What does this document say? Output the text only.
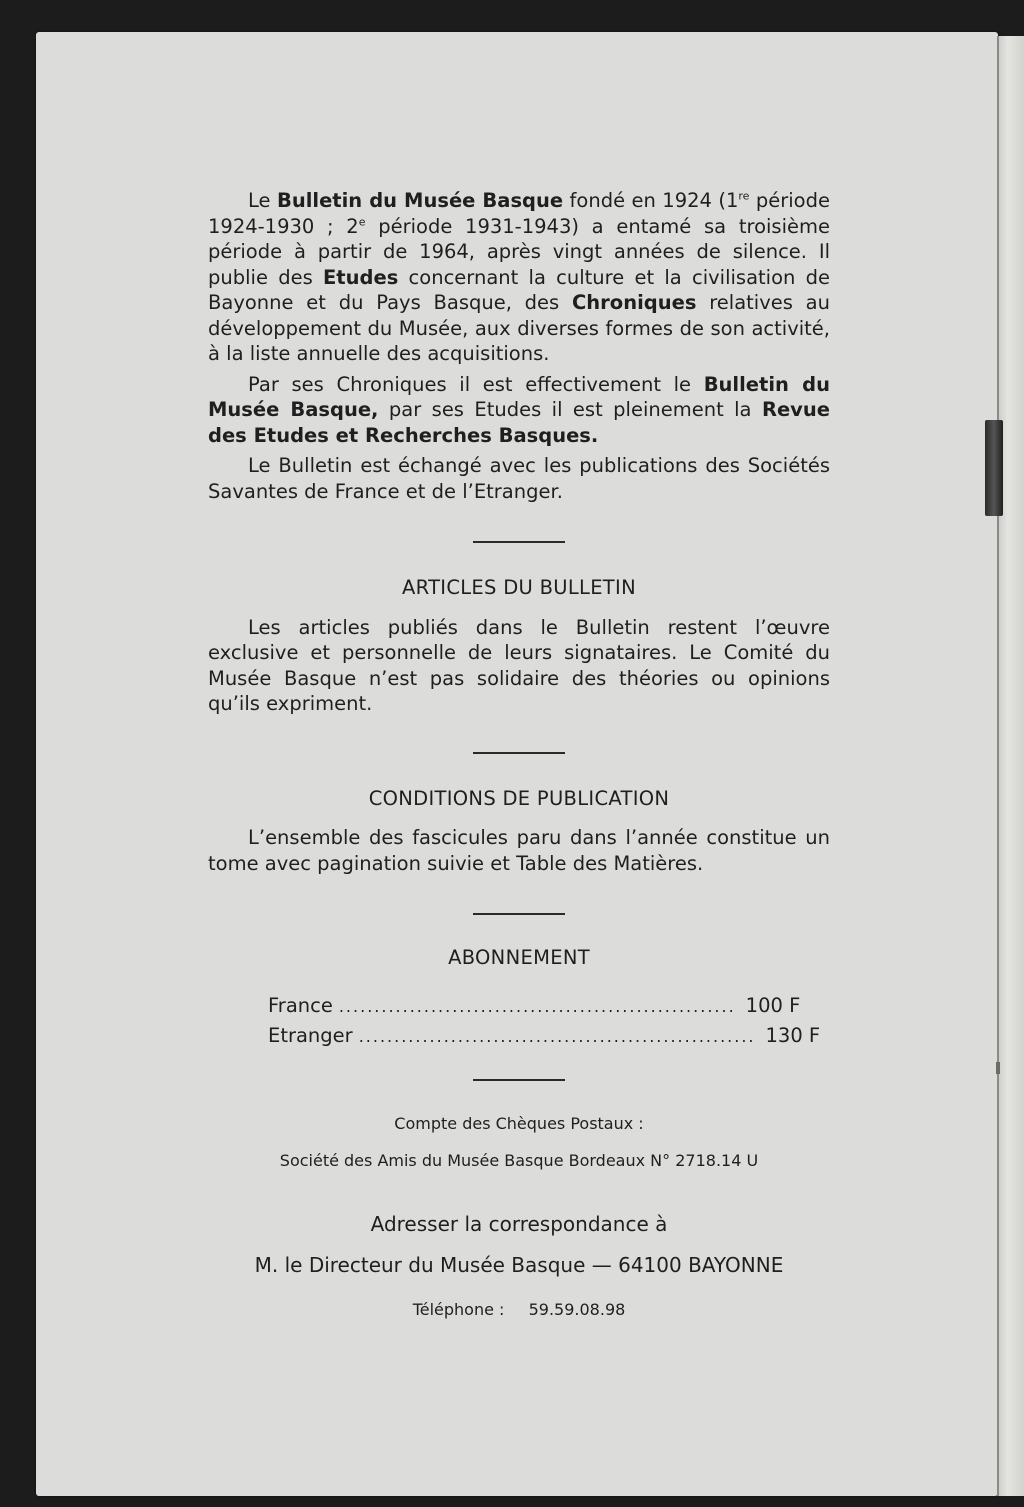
Le Bulletin du Musée Basque fondé en 1924 (1re période 1924-1930 ; 2e période 1931-1943) a entamé sa troisième période à partir de 1964, après vingt années de silence. Il publie des Etudes concernant la culture et la civilisation de Bayonne et du Pays Basque, des Chroniques relatives au développement du Musée, aux diverses formes de son activité, à la liste annuelle des acquisitions.

Par ses Chroniques il est effectivement le Bulletin du Musée Basque, par ses Etudes il est pleinement la Revue des Etudes et Recherches Basques.

Le Bulletin est échangé avec les publications des Sociétés Savantes de France et de l’Etranger.

ARTICLES DU BULLETIN

Les articles publiés dans le Bulletin restent l’œuvre exclusive et personnelle de leurs signataires. Le Comité du Musée Basque n’est pas solidaire des théories ou opinions qu’ils expriment.

CONDITIONS DE PUBLICATION

L’ensemble des fascicules paru dans l’année constitue un tome avec pagination suivie et Table des Matières.

ABONNEMENT
France ........................................................ 100 F
Etranger ........................................................ 130 F
Compte des Chèques Postaux :
Société des Amis du Musée Basque Bordeaux N° 2718.14 U
Adresser la correspondance à
M. le Directeur du Musée Basque — 64100 BAYONNE
Téléphone : 59.59.08.98
